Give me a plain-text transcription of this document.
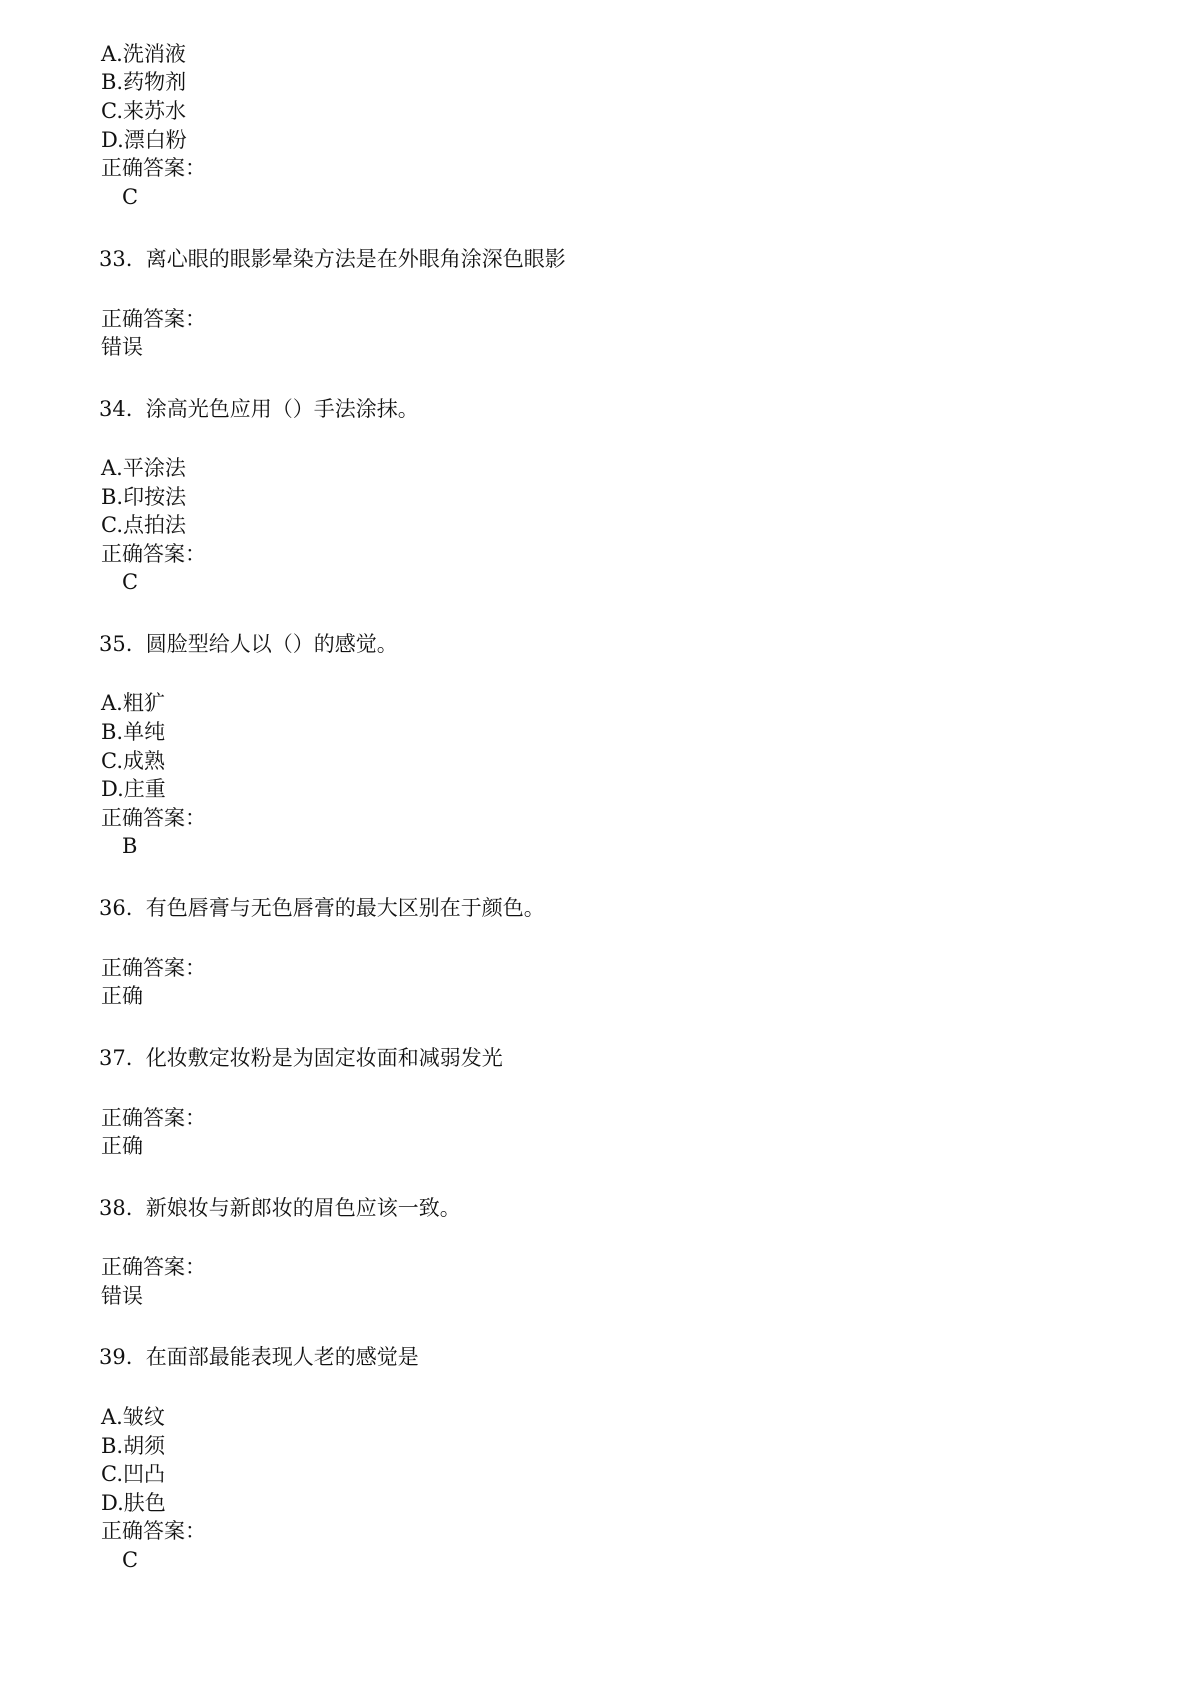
A.洗消液
B.药物剂
C.来苏水
D.漂白粉
正确答案：
C
33.  离心眼的眼影晕染方法是在外眼角涂深色眼影
正确答案：
错误
34.  涂高光色应用（）手法涂抹。
A.平涂法
B.印按法
C.点拍法
正确答案：
C
35.  圆脸型给人以（）的感觉。
A.粗犷
B.单纯
C.成熟
D.庄重
正确答案：
B
36.  有色唇膏与无色唇膏的最大区别在于颜色。
正确答案：
正确
37.  化妆敷定妆粉是为固定妆面和减弱发光
正确答案：
正确
38.  新娘妆与新郎妆的眉色应该一致。
正确答案：
错误
39.  在面部最能表现人老的感觉是
A.皱纹
B.胡须
C.凹凸
D.肤色
正确答案：
C
